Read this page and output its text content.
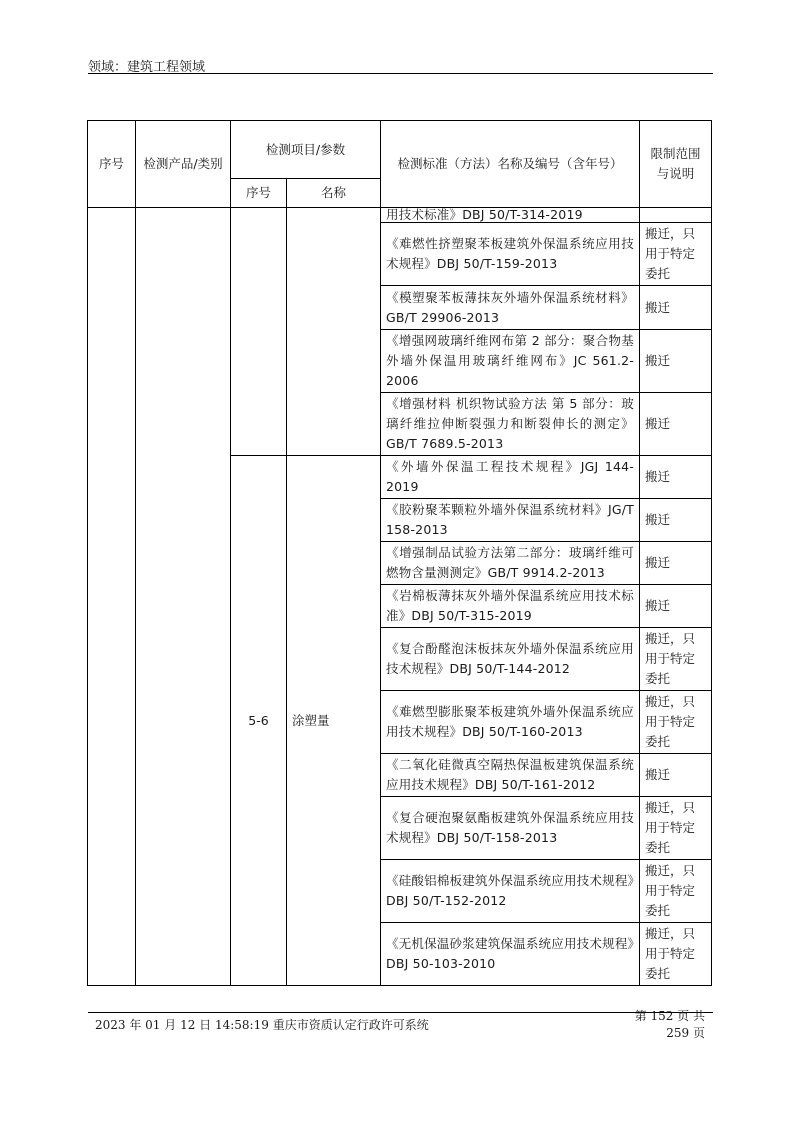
领域：建筑工程领域
序号	检测产品/类别	检测项目/参数		检测标准（方法）名称及编号（含年号）	限制范围与说明
		序号	名称		
				用技术标准》DBJ 50/T-314-2019	
				《难燃性挤塑聚苯板建筑外保温系统应用技术规程》DBJ 50/T-159-2013	搬迁，只用于特定委托
				《模塑聚苯板薄抹灰外墙外保温系统材料》GB/T 29906-2013	搬迁
				《增强网玻璃纤维网布第 2 部分：聚合物基外墙外保温用玻璃纤维网布》JC 561.2-2006	搬迁
				《增强材料 机织物试验方法 第 5 部分：玻璃纤维拉伸断裂强力和断裂伸长的测定》GB/T 7689.5-2013	搬迁
		5-6	涂塑量	《外墙外保温工程技术规程》JGJ 144-2019	搬迁
				《胶粉聚苯颗粒外墙外保温系统材料》JG/T 158-2013	搬迁
				《增强制品试验方法第二部分：玻璃纤维可燃物含量测测定》GB/T 9914.2-2013	搬迁
				《岩棉板薄抹灰外墙外保温系统应用技术标准》DBJ 50/T-315-2019	搬迁
				《复合酚醛泡沫板抹灰外墙外保温系统应用技术规程》DBJ 50/T-144-2012	搬迁，只用于特定委托
				《难燃型膨胀聚苯板建筑外墙外保温系统应用技术规程》DBJ 50/T-160-2013	搬迁，只用于特定委托
				《二氧化硅微真空隔热保温板建筑保温系统应用技术规程》DBJ 50/T-161-2012	搬迁
				《复合硬泡聚氨酯板建筑外保温系统应用技术规程》DBJ 50/T-158-2013	搬迁，只用于特定委托
				《硅酸铝棉板建筑外保温系统应用技术规程》DBJ 50/T-152-2012	搬迁，只用于特定委托
				《无机保温砂浆建筑保温系统应用技术规程》DBJ 50-103-2010	搬迁，只用于特定委托
2023 年 01 月 12 日 14:58:19 重庆市资质认定行政许可系统
第 152 页 共 259 页
